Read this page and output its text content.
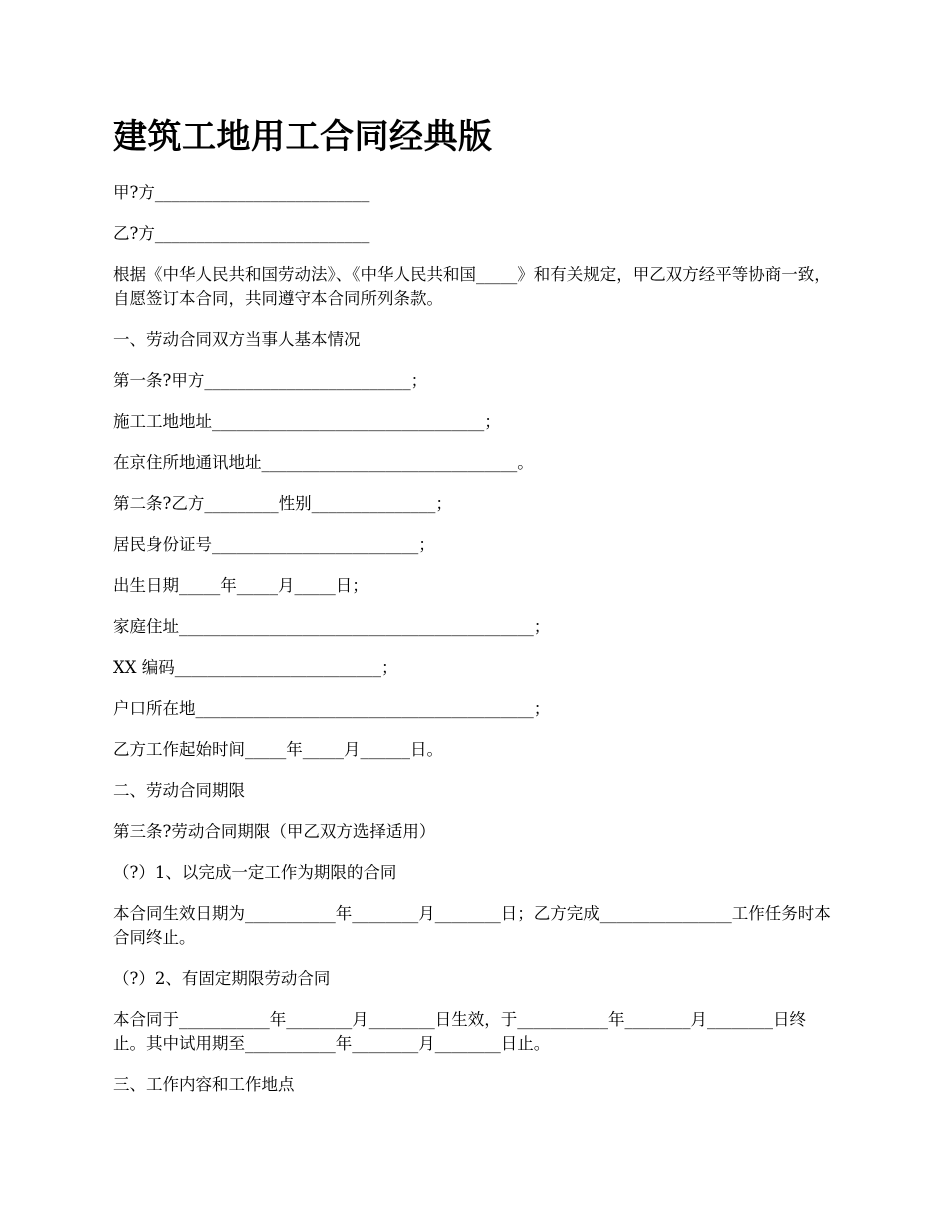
建筑工地用工合同经典版

甲?方__________________________

乙?方__________________________

根据《中华人民共和国劳动法》、《中华人民共和国_____》和有关规定，甲乙双方经平等协商一致，自愿签订本合同，共同遵守本合同所列条款。

一、劳动合同双方当事人基本情况

第一条?甲方_________________________；

施工工地地址_________________________________；

在京住所地通讯地址_______________________________。

第二条?乙方_________性别_______________；

居民身份证号_________________________；

出生日期_____年_____月_____日；

家庭住址___________________________________________；

XX 编码_________________________；

户口所在地_________________________________________；

乙方工作起始时间_____年_____月______日。

二、劳动合同期限

第三条?劳动合同期限（甲乙双方选择适用）

（?）1、以完成一定工作为期限的合同

本合同生效日期为___________年________月________日；乙方完成________________工作任务时本合同终止。

（?）2、有固定期限劳动合同

本合同于___________年________月________日生效，于___________年________月________日终止。其中试用期至___________年________月________日止。

三、工作内容和工作地点
